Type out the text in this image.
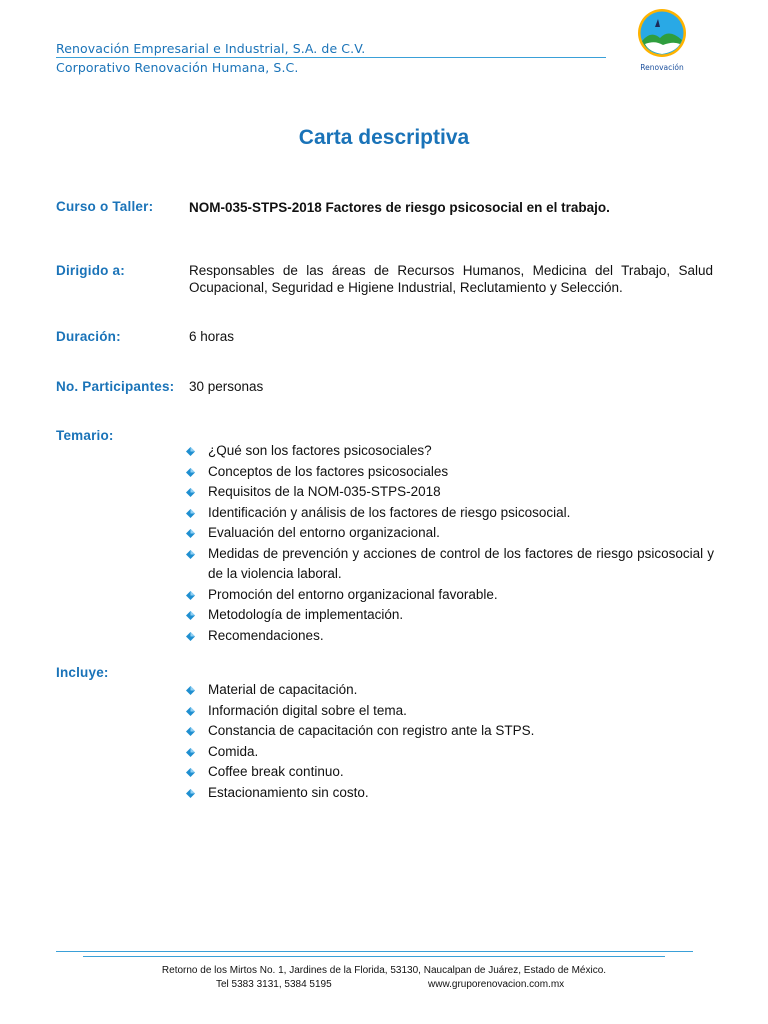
Renovación Empresarial e Industrial, S.A. de C.V.
Corporativo Renovación Humana, S.C.	Renovación
Carta descriptiva
Curso o Taller:	NOM-035-STPS-2018 Factores de riesgo psicosocial en el trabajo.
Dirigido a:	Responsables de las áreas de Recursos Humanos, Medicina del Trabajo, Salud Ocupacional, Seguridad e Higiene Industrial, Reclutamiento y Selección.
Duración:	6 horas
No. Participantes: 30 personas
Temario:
¿Qué son los factores psicosociales?
Conceptos de los factores psicosociales
Requisitos de la NOM-035-STPS-2018
Identificación y análisis de los factores de riesgo psicosocial.
Evaluación del entorno organizacional.
Medidas de prevención y acciones de control de los factores de riesgo psicosocial y de la violencia laboral.
Promoción del entorno organizacional favorable.
Metodología de implementación.
Recomendaciones.
Incluye:
Material de capacitación.
Información digital sobre el tema.
Constancia de capacitación con registro ante la STPS.
Comida.
Coffee break continuo.
Estacionamiento sin costo.
Retorno de los Mirtos No. 1, Jardines de la Florida, 53130, Naucalpan de Juárez, Estado de México.
Tel 5383 3131, 5384 5195	www.gruporenovacion.com.mx
